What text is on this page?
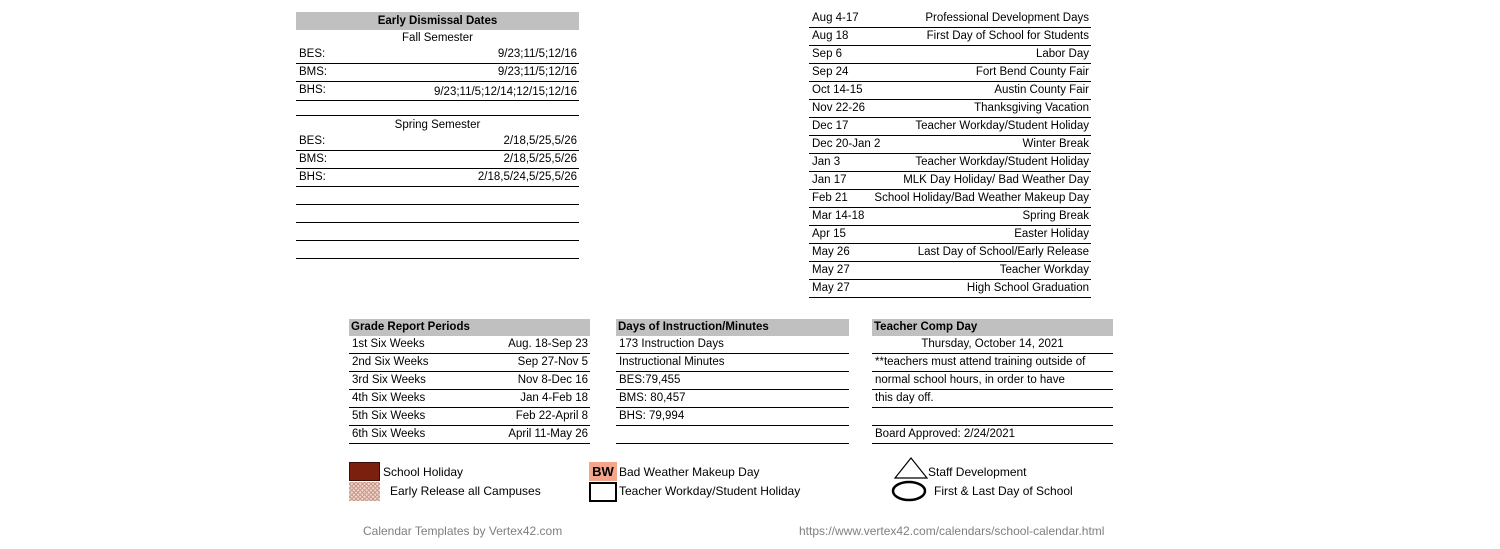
Early Dismissal Dates
Fall Semester
BES:	9/23;11/5;12/16
BMS:	9/23;11/5;12/16
BHS:	9/23;11/5;12/14;12/15;12/16
Spring Semester
BES:	2/18,5/25,5/26
BMS:	2/18,5/25,5/26
BHS:	2/18,5/24,5/25,5/26
Aug 4-17	Professional Development Days
Aug 18	First Day of School for Students
Sep 6	Labor Day
Sep 24	Fort Bend County Fair
Oct 14-15	Austin County Fair
Nov 22-26	Thanksgiving Vacation
Dec 17	Teacher Workday/Student Holiday
Dec 20-Jan 2	Winter Break
Jan 3	Teacher Workday/Student Holiday
Jan 17	MLK Day Holiday/ Bad Weather Day
Feb 21 School Holiday/Bad Weather Makeup Day
Mar 14-18	Spring Break
Apr 15	Easter Holiday
May 26	Last Day of School/Early Release
May 27	Teacher Workday
May 27	High School Graduation
Grade Report Periods
1st Six Weeks	Aug. 18-Sep 23
2nd Six Weeks	Sep 27-Nov 5
3rd Six Weeks	Nov 8-Dec 16
4th Six Weeks	Jan 4-Feb 18
5th Six Weeks	Feb 22-April 8
6th Six Weeks	April 11-May 26
Days of Instruction/Minutes
173 Instruction Days
Instructional Minutes
BES:79,455
BMS: 80,457
BHS: 79,994
Teacher Comp Day
Thursday, October 14, 2021
**teachers must attend training outside of
normal school hours, in order to have
this day off.
Board Approved: 2/24/2021
School Holiday
Early Release all Campuses
BW Bad Weather Makeup Day
Teacher Workday/Student Holiday
Staff Development
First & Last Day of School
Calendar Templates by Vertex42.com	https://www.vertex42.com/calendars/school-calendar.html
